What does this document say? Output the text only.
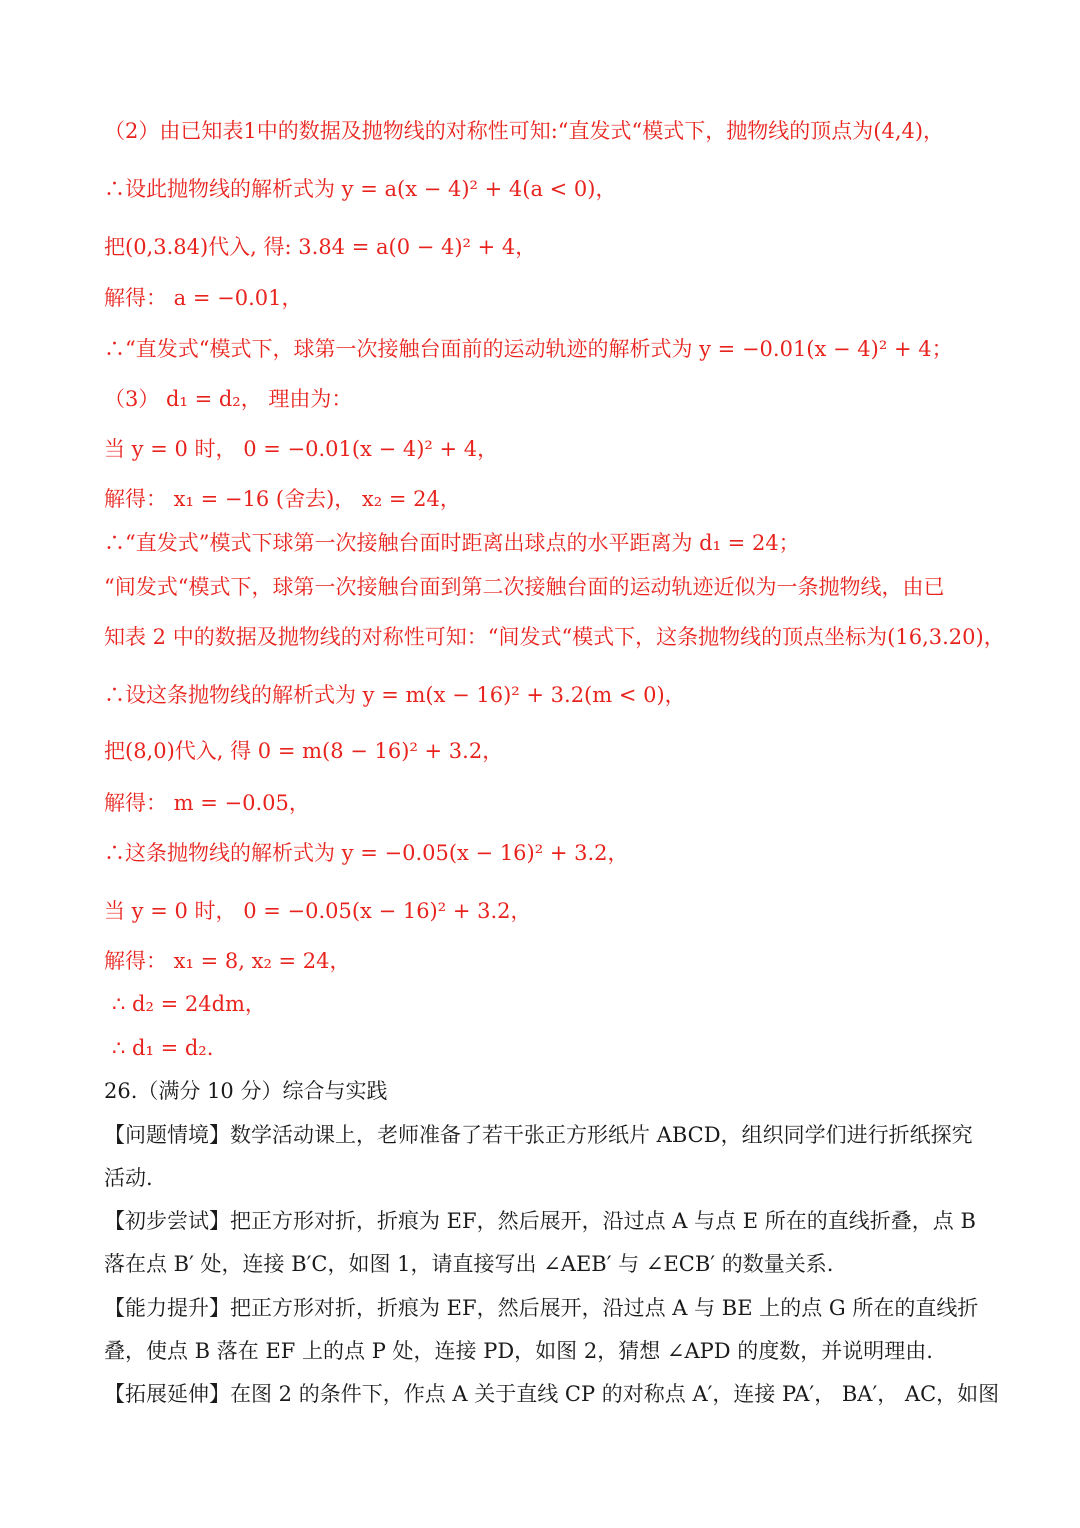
（2）由已知表1中的数据及抛物线的对称性可知:“直发式“模式下，抛物线的顶点为(4,4)，
∴设此抛物线的解析式为 y = a(x − 4)² + 4(a < 0)，
把(0,3.84)代入, 得: 3.84 = a(0 − 4)² + 4，
解得： a = −0.01，
∴“直发式“模式下，球第一次接触台面前的运动轨迹的解析式为 y = −0.01(x − 4)² + 4；
（3） d₁ = d₂， 理由为：
当 y = 0 时， 0 = −0.01(x − 4)² + 4，
解得： x₁ = −16 (舍去)， x₂ = 24，
∴“直发式”模式下球第一次接触台面时距离出球点的水平距离为 d₁ = 24；
“间发式“模式下，球第一次接触台面到第二次接触台面的运动轨迹近似为一条抛物线，由已
知表 2 中的数据及抛物线的对称性可知：“间发式“模式下，这条抛物线的顶点坐标为(16,3.20)，
∴设这条抛物线的解析式为 y = m(x − 16)² + 3.2(m < 0)，
把(8,0)代入, 得 0 = m(8 − 16)² + 3.2，
解得： m = −0.05，
∴这条抛物线的解析式为 y = −0.05(x − 16)² + 3.2，
当 y = 0 时， 0 = −0.05(x − 16)² + 3.2，
解得： x₁ = 8, x₂ = 24，
∴ d₂ = 24dm，
∴ d₁ = d₂.
26.（满分 10 分）综合与实践
【问题情境】数学活动课上，老师准备了若干张正方形纸片 ABCD，组织同学们进行折纸探究
活动.
【初步尝试】把正方形对折，折痕为 EF，然后展开，沿过点 A 与点 E 所在的直线折叠，点 B
落在点 B′ 处，连接 B′C，如图 1，请直接写出 ∠AEB′ 与 ∠ECB′ 的数量关系.
【能力提升】把正方形对折，折痕为 EF，然后展开，沿过点 A 与 BE 上的点 G 所在的直线折
叠，使点 B 落在 EF 上的点 P 处，连接 PD，如图 2，猜想 ∠APD 的度数，并说明理由.
【拓展延伸】在图 2 的条件下，作点 A 关于直线 CP 的对称点 A′，连接 PA′， BA′， AC，如图
